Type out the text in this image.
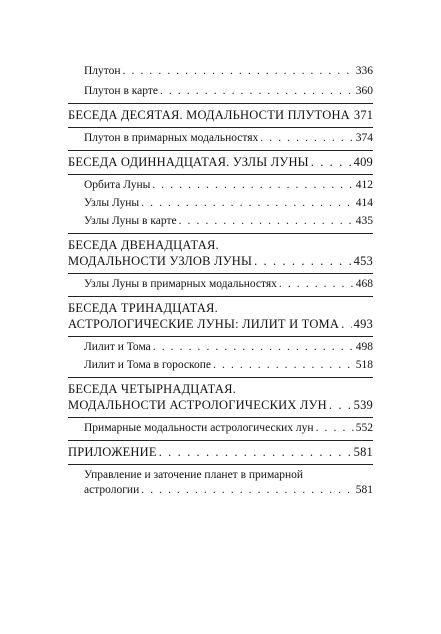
Плутон . . .	336
Плутон в карте . . .	360
БЕСЕДА ДЕСЯТАЯ. МОДАЛЬНОСТИ ПЛУТОНА 371
Плутон в примарных модальностях . . .	374
БЕСЕДА ОДИННАДЦАТАЯ. УЗЛЫ ЛУНЫ . . .	409
Орбита Луны . . .	412
Узлы Луны . . .	414
Узлы Луны в карте . . .	435
БЕСЕДА ДВЕНАДЦАТАЯ.
МОДАЛЬНОСТИ УЗЛОВ ЛУНЫ . . .	453
Узлы Луны в примарных модальностях . . .	468
БЕСЕДА ТРИНАДЦАТАЯ.
АСТРОЛОГИЧЕСКИЕ ЛУНЫ: ЛИЛИТ И ТОМА . . . 493
Лилит и Тома . . .	498
Лилит и Тома в гороскопе . . .	518
БЕСЕДА ЧЕТЫРНАДЦАТАЯ.
МОДАЛЬНОСТИ АСТРОЛОГИЧЕСКИХ ЛУН . . . 539
Примарные модальности астрологических лун . . .	552
ПРИЛОЖЕНИЕ . . .	581
Управление и заточение планет в примарной
астрологии . . .	581
